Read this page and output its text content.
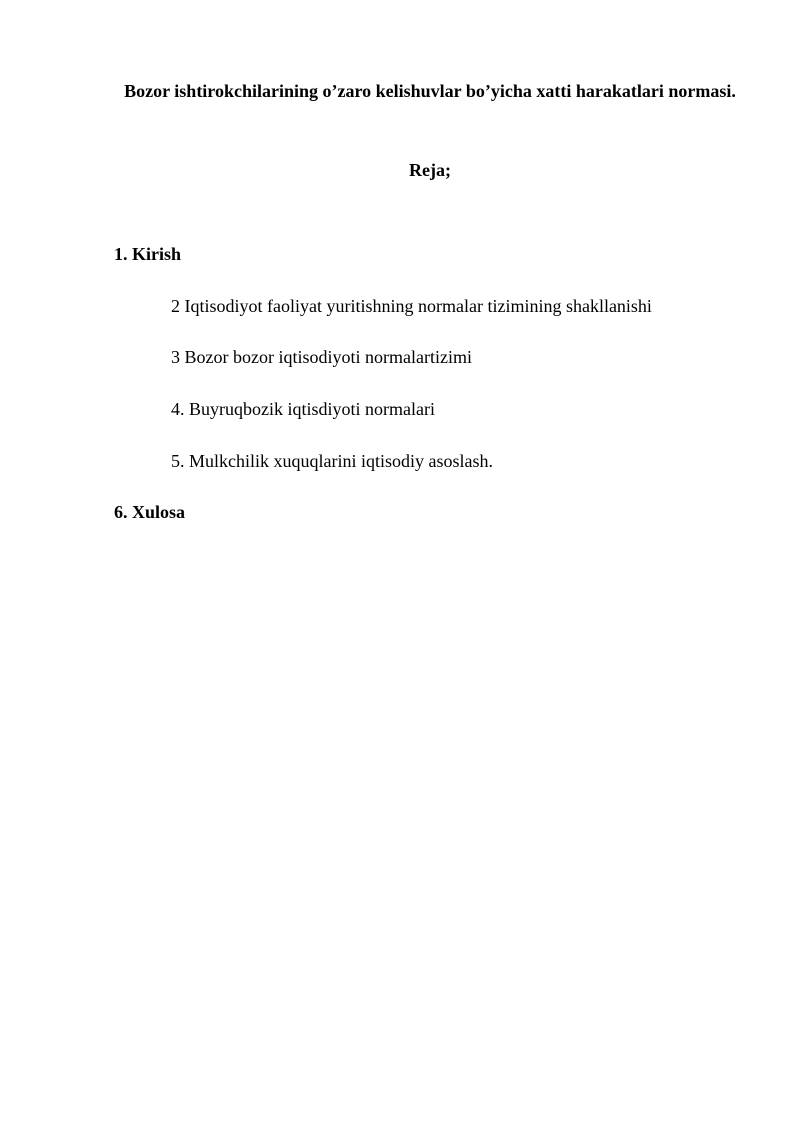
Bozor ishtirokchilarining o’zaro kelishuvlar bo’yicha xatti harakatlari normasi.
Reja;
1. Kirish
2 Iqtisodiyot faoliyat yuritishning normalar tizimining shakllanishi
3 Bozor bozor iqtisodiyoti normalartizimi
4. Buyruqbozik iqtisdiyoti normalari
5. Mulkchilik xuquqlarini iqtisodiy asoslash.
6. Xulosa
